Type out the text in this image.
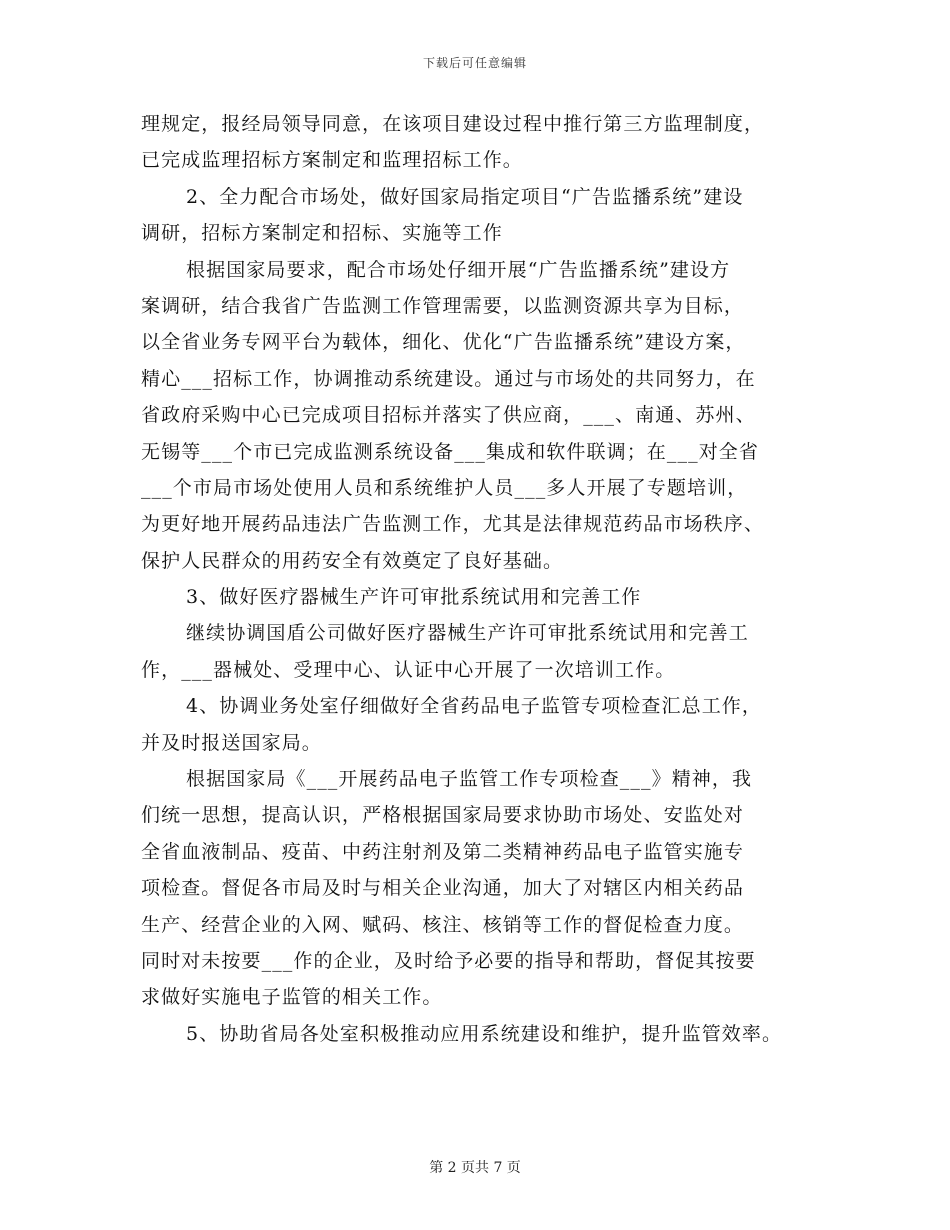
下载后可任意编辑
理规定，报经局领导同意，在该项目建设过程中推行第三方监理制度，
已完成监理招标方案制定和监理招标工作。
2、全力配合市场处，做好国家局指定项目“广告监播系统”建设
调研，招标方案制定和招标、实施等工作
根据国家局要求，配合市场处仔细开展“广告监播系统”建设方
案调研，结合我省广告监测工作管理需要，以监测资源共享为目标，
以全省业务专网平台为载体，细化、优化“广告监播系统”建设方案，
精心___招标工作，协调推动系统建设。通过与市场处的共同努力，在
省政府采购中心已完成项目招标并落实了供应商，___、南通、苏州、
无锡等___个市已完成监测系统设备___集成和软件联调；在___对全省
___个市局市场处使用人员和系统维护人员___多人开展了专题培训，
为更好地开展药品违法广告监测工作，尤其是法律规范药品市场秩序、
保护人民群众的用药安全有效奠定了良好基础。
3、做好医疗器械生产许可审批系统试用和完善工作
继续协调国盾公司做好医疗器械生产许可审批系统试用和完善工
作，___器械处、受理中心、认证中心开展了一次培训工作。
4、协调业务处室仔细做好全省药品电子监管专项检查汇总工作，
并及时报送国家局。
根据国家局《___开展药品电子监管工作专项检查___》精神，我
们统一思想，提高认识，严格根据国家局要求协助市场处、安监处对
全省血液制品、疫苗、中药注射剂及第二类精神药品电子监管实施专
项检查。督促各市局及时与相关企业沟通，加大了对辖区内相关药品
生产、经营企业的入网、赋码、核注、核销等工作的督促检查力度。
同时对未按要___作的企业，及时给予必要的指导和帮助，督促其按要
求做好实施电子监管的相关工作。
5、协助省局各处室积极推动应用系统建设和维护，提升监管效率。
第 2 页共 7 页
